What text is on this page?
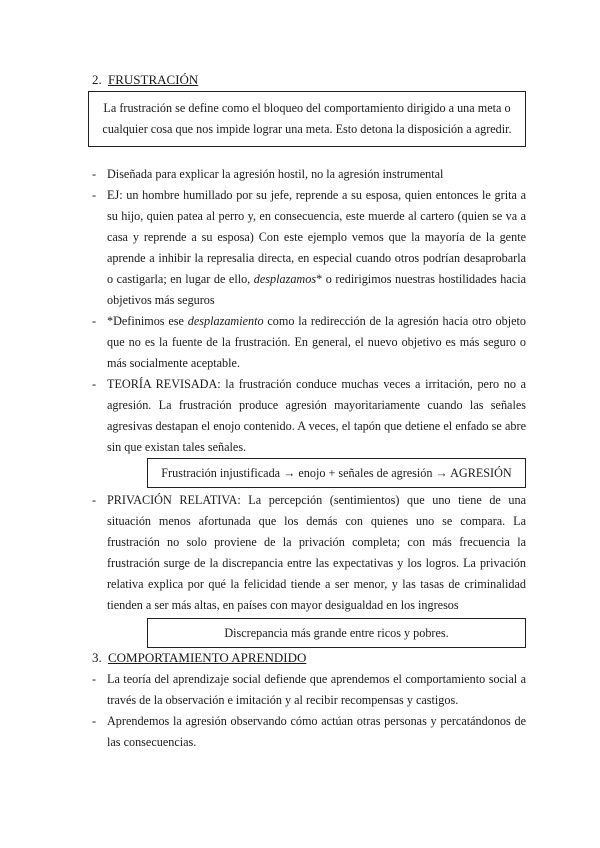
2. FRUSTRACIÓN
La frustración se define como el bloqueo del comportamiento dirigido a una meta o
cualquier cosa que nos impide lograr una meta. Esto detona la disposición a agredir.
- Diseñada para explicar la agresión hostil, no la agresión instrumental
- EJ: un hombre humillado por su jefe, reprende a su esposa, quien entonces le grita a su hijo, quien patea al perro y, en consecuencia, este muerde al cartero (quien se va a casa y reprende a su esposa) Con este ejemplo vemos que la mayoría de la gente aprende a inhibir la represalia directa, en especial cuando otros podrían desaprobarla o castigarla; en lugar de ello, desplazamos* o redirigimos nuestras hostilidades hacia objetivos más seguros
- *Definimos ese desplazamiento como la redirección de la agresión hacia otro objeto que no es la fuente de la frustración. En general, el nuevo objetivo es más seguro o más socialmente aceptable.
- TEORÍA REVISADA: la frustración conduce muchas veces a irritación, pero no a agresión. La frustración produce agresión mayoritariamente cuando las señales agresivas destapan el enojo contenido. A veces, el tapón que detiene el enfado se abre sin que existan tales señales.
Frustración injustificada → enojo + señales de agresión → AGRESIÓN
- PRIVACIÓN RELATIVA: La percepción (sentimientos) que uno tiene de una situación menos afortunada que los demás con quienes uno se compara. La frustración no solo proviene de la privación completa; con más frecuencia la frustración surge de la discrepancia entre las expectativas y los logros. La privación relativa explica por qué la felicidad tiende a ser menor, y las tasas de criminalidad tienden a ser más altas, en países con mayor desigualdad en los ingresos
Discrepancia más grande entre ricos y pobres.
3. COMPORTAMIENTO APRENDIDO
- La teoría del aprendizaje social defiende que aprendemos el comportamiento social a través de la observación e imitación y al recibir recompensas y castigos.
- Aprendemos la agresión observando cómo actúan otras personas y percatándonos de las consecuencias.
